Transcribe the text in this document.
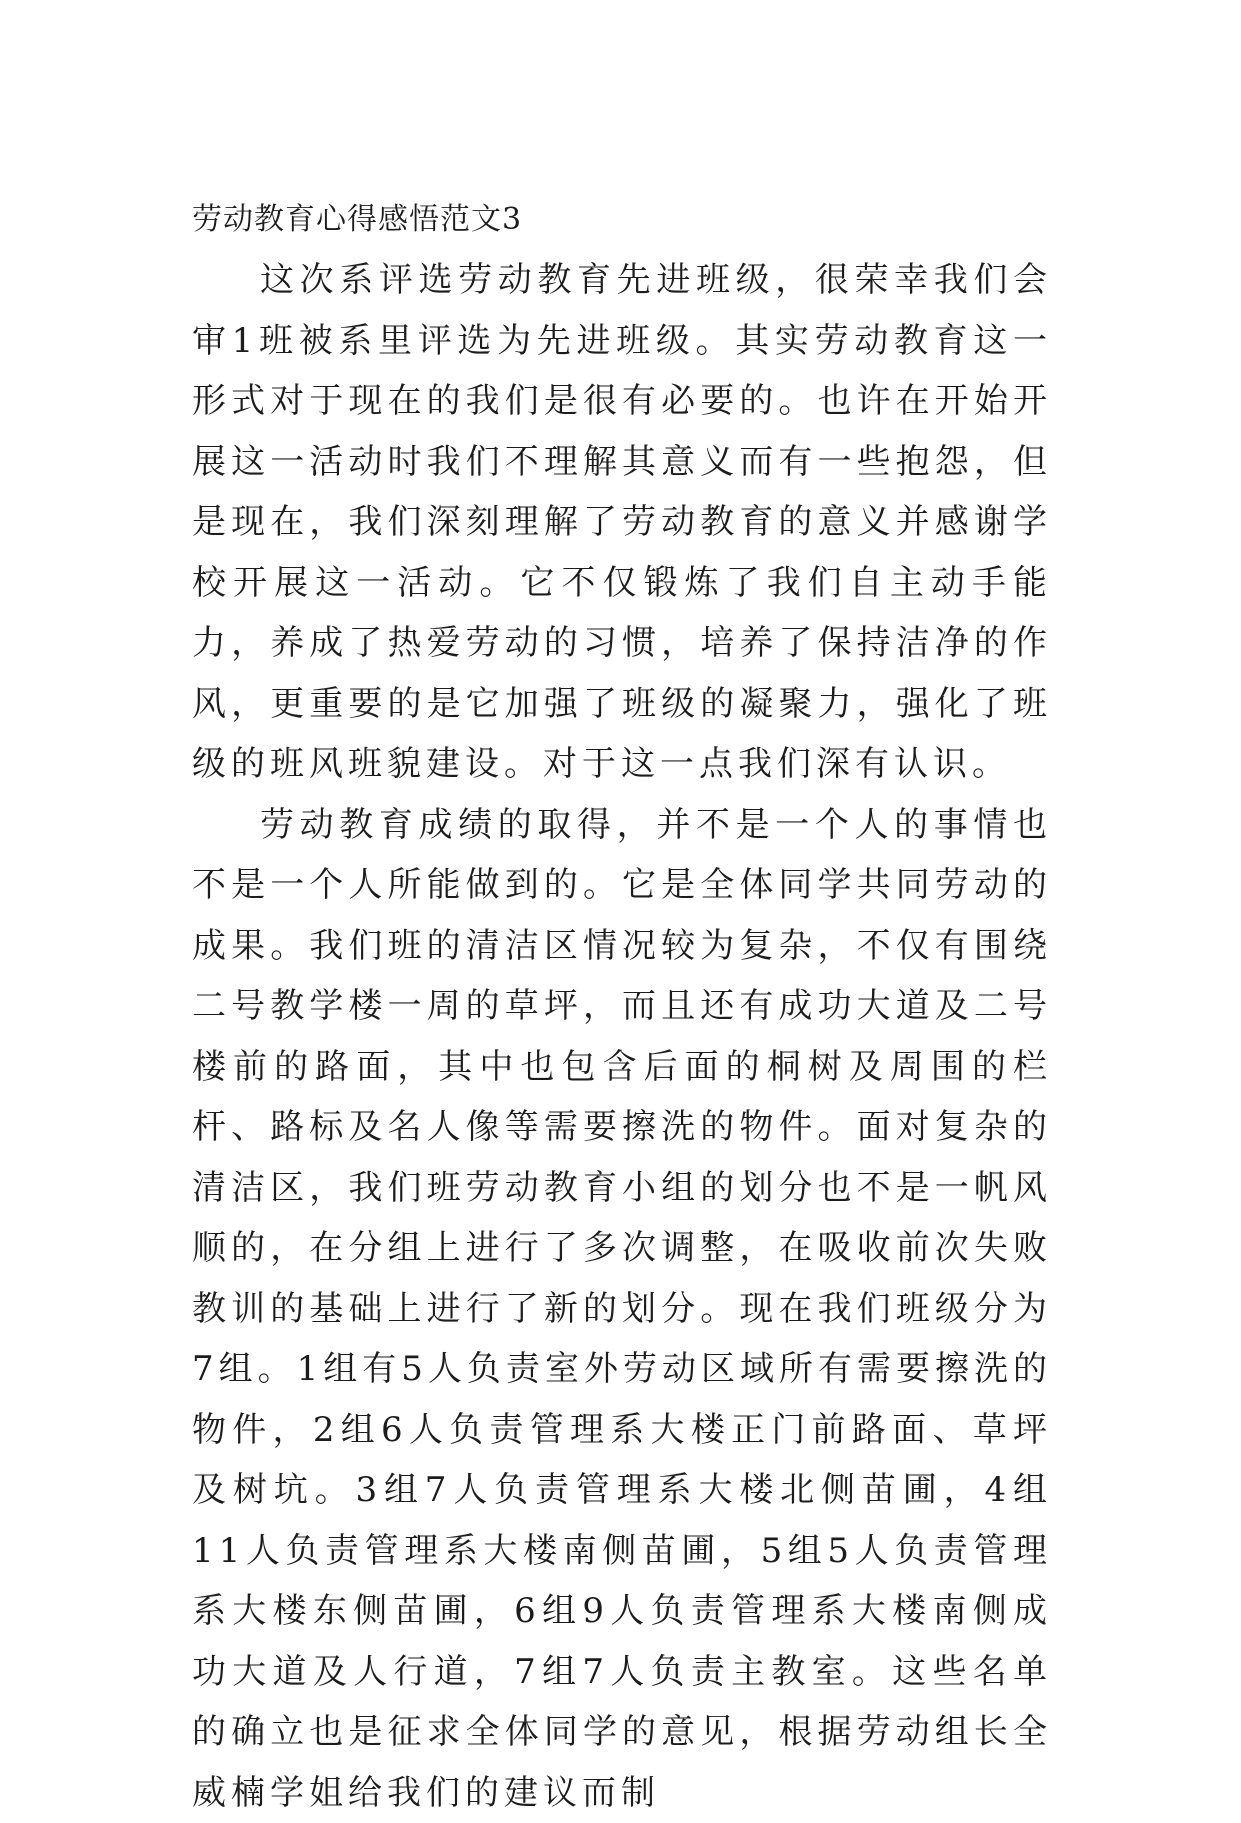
劳动教育心得感悟范文3

这次系评选劳动教育先进班级，很荣幸我们会审1班被系里评选为先进班级。其实劳动教育这一形式对于现在的我们是很有必要的。也许在开始开展这一活动时我们不理解其意义而有一些抱怨，但是现在，我们深刻理解了劳动教育的意义并感谢学校开展这一活动。它不仅锻炼了我们自主动手能力，养成了热爱劳动的习惯，培养了保持洁净的作风，更重要的是它加强了班级的凝聚力，强化了班级的班风班貌建设。对于这一点我们深有认识。

劳动教育成绩的取得，并不是一个人的事情也不是一个人所能做到的。它是全体同学共同劳动的成果。我们班的清洁区情况较为复杂，不仅有围绕二号教学楼一周的草坪，而且还有成功大道及二号楼前的路面，其中也包含后面的桐树及周围的栏杆、路标及名人像等需要擦洗的物件。面对复杂的清洁区，我们班劳动教育小组的划分也不是一帆风顺的，在分组上进行了多次调整，在吸收前次失败教训的基础上进行了新的划分。现在我们班级分为7组。1组有5人负责室外劳动区域所有需要擦洗的物件，2组6人负责管理系大楼正门前路面、草坪及树坑。3组7人负责管理系大楼北侧苗圃，4组11人负责管理系大楼南侧苗圃，5组5人负责管理系大楼东侧苗圃，6组9人负责管理系大楼南侧成功大道及人行道，7组7人负责主教室。这些名单的确立也是征求全体同学的意见，根据劳动组长全威楠学姐给我们的建议而制
